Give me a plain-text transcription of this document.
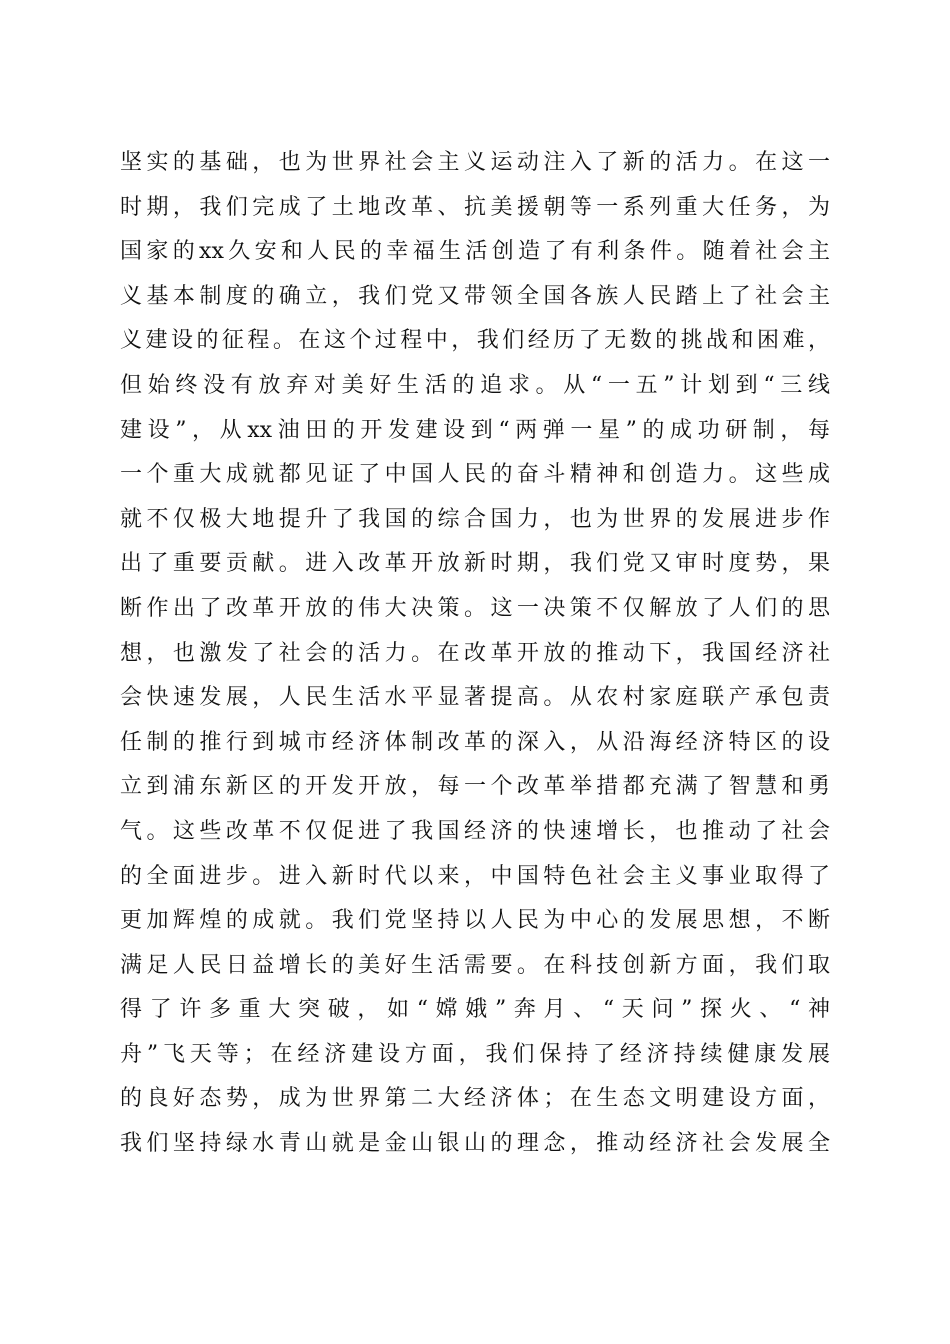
坚实的基础，也为世界社会主义运动注入了新的活力。在这一
时期，我们完成了土地改革、抗美援朝等一系列重大任务，为
国家的xx久安和人民的幸福生活创造了有利条件。随着社会主
义基本制度的确立，我们党又带领全国各族人民踏上了社会主
义建设的征程。在这个过程中，我们经历了无数的挑战和困难，
但始终没有放弃对美好生活的追求。从“一五”计划到“三线
建设”，从xx油田的开发建设到“两弹一星”的成功研制，每
一个重大成就都见证了中国人民的奋斗精神和创造力。这些成
就不仅极大地提升了我国的综合国力，也为世界的发展进步作
出了重要贡献。进入改革开放新时期，我们党又审时度势，果
断作出了改革开放的伟大决策。这一决策不仅解放了人们的思
想，也激发了社会的活力。在改革开放的推动下，我国经济社
会快速发展，人民生活水平显著提高。从农村家庭联产承包责
任制的推行到城市经济体制改革的深入，从沿海经济特区的设
立到浦东新区的开发开放，每一个改革举措都充满了智慧和勇
气。这些改革不仅促进了我国经济的快速增长，也推动了社会
的全面进步。进入新时代以来，中国特色社会主义事业取得了
更加辉煌的成就。我们党坚持以人民为中心的发展思想，不断
满足人民日益增长的美好生活需要。在科技创新方面，我们取
得了许多重大突破，如“嫦娥”奔月、“天问”探火、“神
舟”飞天等；在经济建设方面，我们保持了经济持续健康发展
的良好态势，成为世界第二大经济体；在生态文明建设方面，
我们坚持绿水青山就是金山银山的理念，推动经济社会发展全
